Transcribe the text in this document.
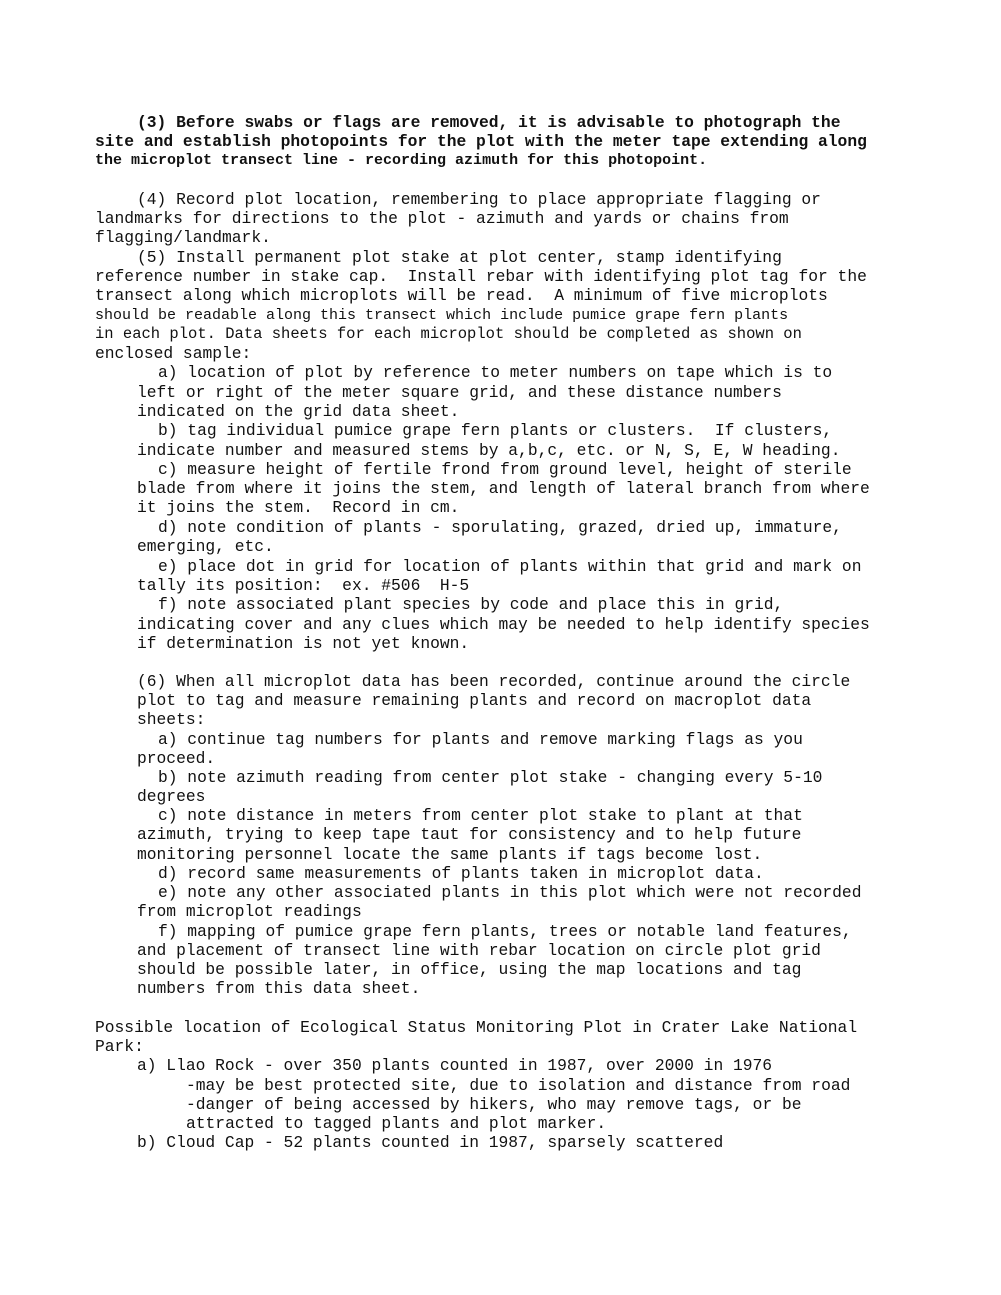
(3) Before swabs or flags are removed, it is advisable to photograph the
site and establish photopoints for the plot with the meter tape extending along
the microplot transect line - recording azimuth for this photopoint.
(4) Record plot location, remembering to place appropriate flagging or
landmarks for directions to the plot - azimuth and yards or chains from
flagging/landmark.
(5) Install permanent plot stake at plot center, stamp identifying
reference number in stake cap.  Install rebar with identifying plot tag for the
transect along which microplots will be read.  A minimum of five microplots
should be readable along this transect which include pumice grape fern plants
in each plot. Data sheets for each microplot should be completed as shown on
enclosed sample:
a) location of plot by reference to meter numbers on tape which is to
left or right of the meter square grid, and these distance numbers
indicated on the grid data sheet.
b) tag individual pumice grape fern plants or clusters.  If clusters,
indicate number and measured stems by a,b,c, etc. or N, S, E, W heading.
c) measure height of fertile frond from ground level, height of sterile
blade from where it joins the stem, and length of lateral branch from where
it joins the stem.  Record in cm.
d) note condition of plants - sporulating, grazed, dried up, immature,
emerging, etc.
e) place dot in grid for location of plants within that grid and mark on
tally its position:  ex. #506  H-5
f) note associated plant species by code and place this in grid,
indicating cover and any clues which may be needed to help identify species
if determination is not yet known.
(6) When all microplot data has been recorded, continue around the circle
plot to tag and measure remaining plants and record on macroplot data
sheets:
a) continue tag numbers for plants and remove marking flags as you
proceed.
b) note azimuth reading from center plot stake - changing every 5-10
degrees
c) note distance in meters from center plot stake to plant at that
azimuth, trying to keep tape taut for consistency and to help future
monitoring personnel locate the same plants if tags become lost.
d) record same measurements of plants taken in microplot data.
e) note any other associated plants in this plot which were not recorded
from microplot readings
f) mapping of pumice grape fern plants, trees or notable land features,
and placement of transect line with rebar location on circle plot grid
should be possible later, in office, using the map locations and tag
numbers from this data sheet.
Possible location of Ecological Status Monitoring Plot in Crater Lake National
Park:
a) Llao Rock - over 350 plants counted in 1987, over 2000 in 1976
-may be best protected site, due to isolation and distance from road
-danger of being accessed by hikers, who may remove tags, or be
attracted to tagged plants and plot marker.
b) Cloud Cap - 52 plants counted in 1987, sparsely scattered
